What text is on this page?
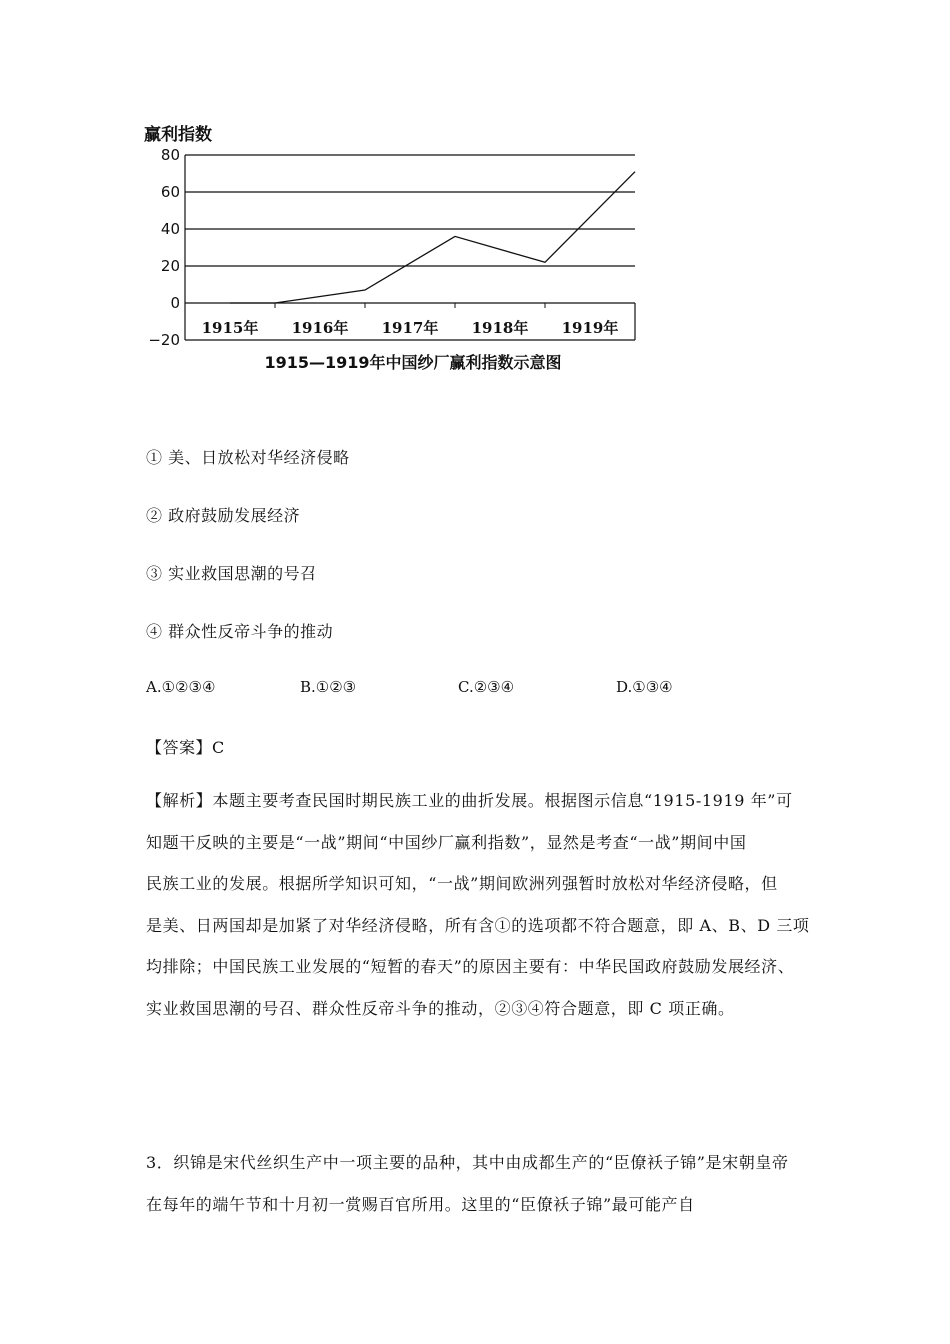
赢利指数
80
60
40
20
0
−20
1915年 1916年 1917年 1918年 1919年
1915—1919年中国纱厂赢利指数示意图
① 美、日放松对华经济侵略
② 政府鼓励发展经济
③ 实业救国思潮的号召
④ 群众性反帝斗争的推动
A.①②③④	B.①②③	C.②③④	D.①③④
【答案】C
【解析】本题主要考查民国时期民族工业的曲折发展。根据图示信息“1915-1919 年”可
知题干反映的主要是“一战”期间“中国纱厂赢利指数”，显然是考查“一战”期间中国
民族工业的发展。根据所学知识可知，“一战”期间欧洲列强暂时放松对华经济侵略，但
是美、日两国却是加紧了对华经济侵略，所有含①的选项都不符合题意，即 A、B、D 三项
均排除；中国民族工业发展的“短暂的春天”的原因主要有：中华民国政府鼓励发展经济、
实业救国思潮的号召、群众性反帝斗争的推动，②③④符合题意，即 C 项正确。
3．织锦是宋代丝织生产中一项主要的品种，其中由成都生产的“臣僚袄子锦”是宋朝皇帝
在每年的端午节和十月初一赏赐百官所用。这里的“臣僚袄子锦”最可能产自
